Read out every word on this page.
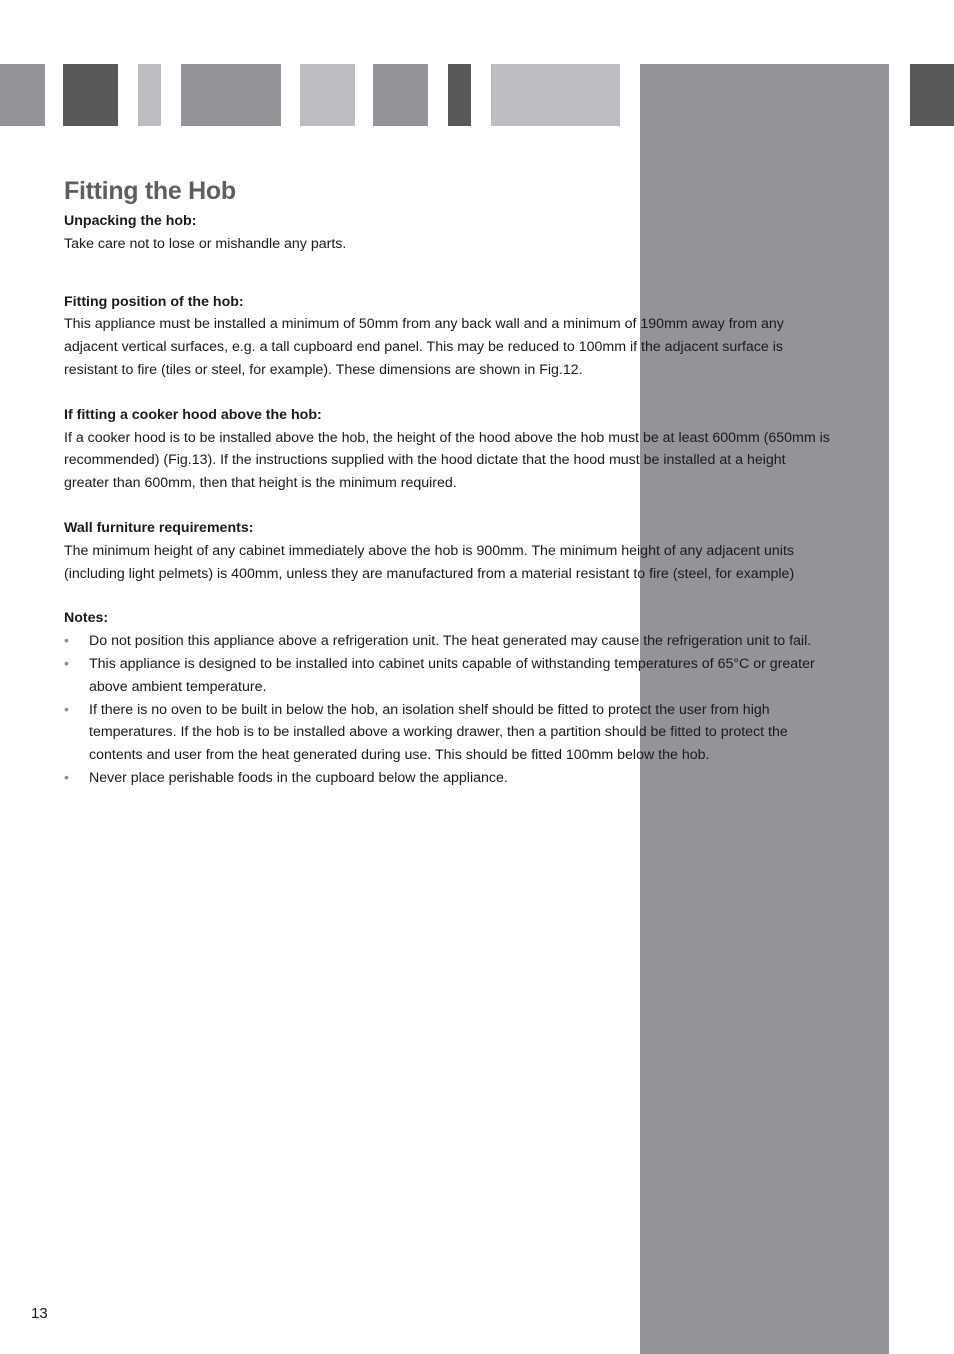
Fitting the Hob

Unpacking the hob:

Take care not to lose or mishandle any parts.

Fitting position of the hob:

This appliance must be installed a minimum of 50mm from any back wall and a minimum of 190mm away from any adjacent vertical surfaces, e.g. a tall cupboard end panel. This may be reduced to 100mm if the adjacent surface is resistant to fire (tiles or steel, for example). These dimensions are shown in Fig.12.

If fitting a cooker hood above the hob:

If a cooker hood is to be installed above the hob, the height of the hood above the hob must be at least 600mm (650mm is recommended) (Fig.13). If the instructions supplied with the hood dictate that the hood must be installed at a height greater than 600mm, then that height is the minimum required.

Wall furniture requirements:

The minimum height of any cabinet immediately above the hob is 900mm. The minimum height of any adjacent units (including light pelmets) is 400mm, unless they are manufactured from a material resistant to fire (steel, for example)

Notes:

• Do not position this appliance above a refrigeration unit. The heat generated may cause the refrigeration unit to fail.
• This appliance is designed to be installed into cabinet units capable of withstanding temperatures of 65°C or greater above ambient temperature.
• If there is no oven to be built in below the hob, an isolation shelf should be fitted to protect the user from high temperatures. If the hob is to be installed above a working drawer, then a partition should be fitted to protect the contents and user from the heat generated during use. This should be fitted 100mm below the hob.
• Never place perishable foods in the cupboard below the appliance.
13
